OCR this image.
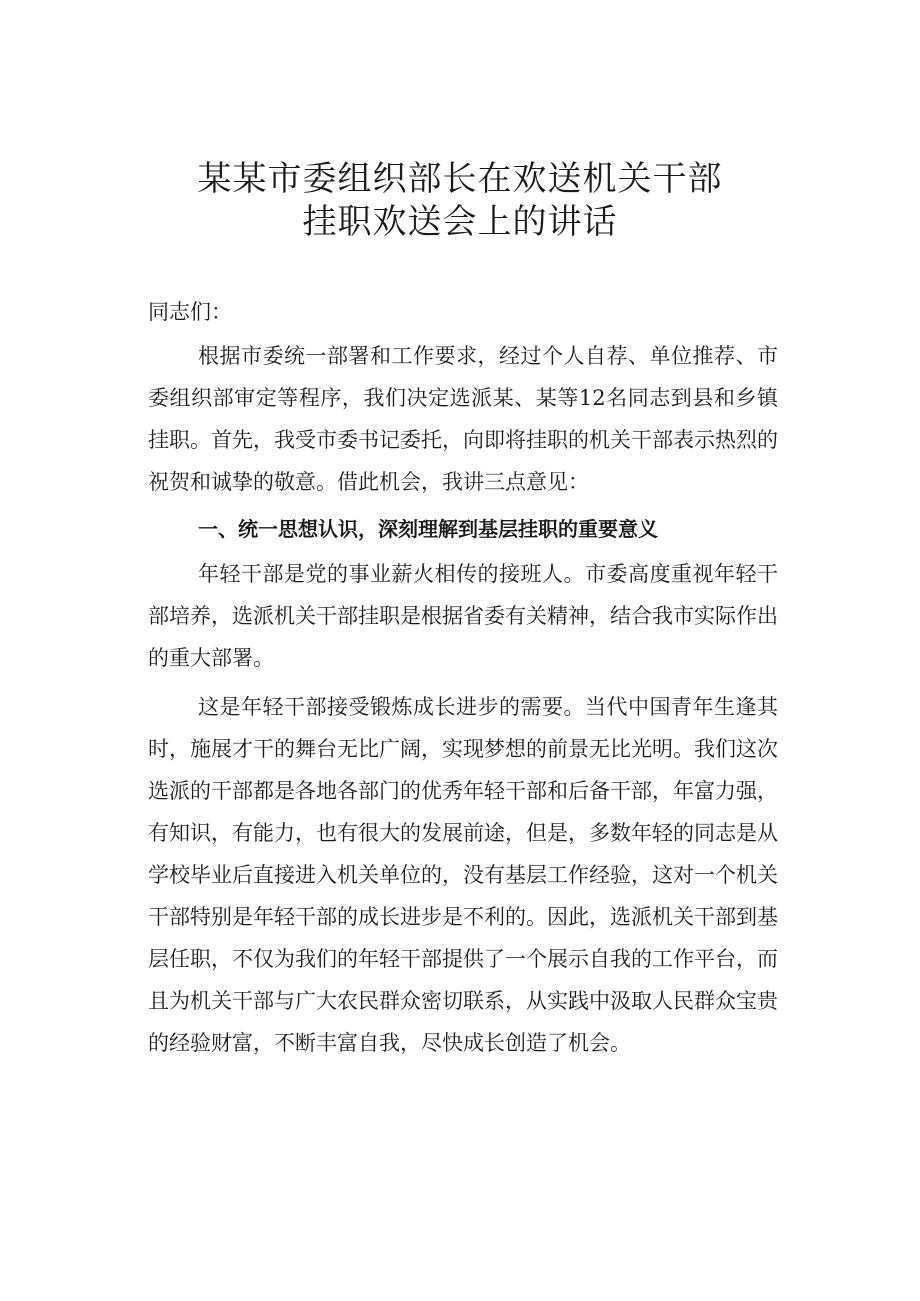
某某市委组织部长在欢送机关干部
挂职欢送会上的讲话
同志们：
根据市委统一部署和工作要求，经过个人自荐、单位推荐、市委组织部审定等程序，我们决定选派某、某等12名同志到县和乡镇挂职。首先，我受市委书记委托，向即将挂职的机关干部表示热烈的祝贺和诚挚的敬意。借此机会，我讲三点意见：
一、统一思想认识，深刻理解到基层挂职的重要意义
年轻干部是党的事业薪火相传的接班人。市委高度重视年轻干部培养，选派机关干部挂职是根据省委有关精神，结合我市实际作出的重大部署。
这是年轻干部接受锻炼成长进步的需要。当代中国青年生逢其时，施展才干的舞台无比广阔，实现梦想的前景无比光明。我们这次选派的干部都是各地各部门的优秀年轻干部和后备干部，年富力强，有知识，有能力，也有很大的发展前途，但是，多数年轻的同志是从学校毕业后直接进入机关单位的，没有基层工作经验，这对一个机关干部特别是年轻干部的成长进步是不利的。因此，选派机关干部到基层任职，不仅为我们的年轻干部提供了一个展示自我的工作平台，而且为机关干部与广大农民群众密切联系，从实践中汲取人民群众宝贵的经验财富，不断丰富自我，尽快成长创造了机会。
